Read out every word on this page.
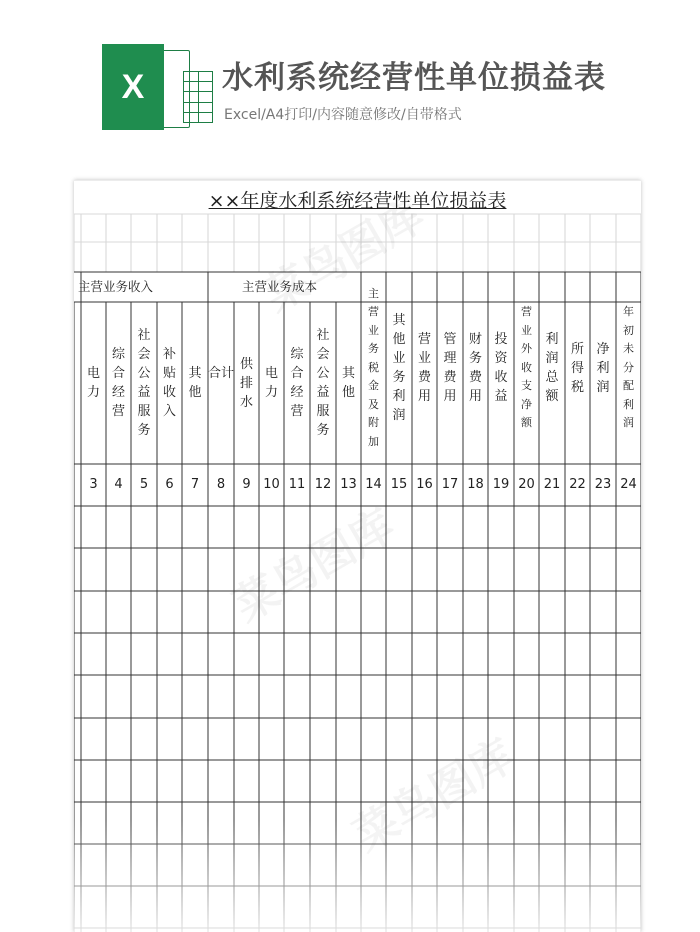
X	水利系统经营性单位损益表
Excel/A4打印/内容随意修改/自带格式
××年度水利系统经营性单位损益表
主营业务收入	主营业务成本
电力
3
综合经营
4
社会公益服务
5
补贴收入
6
其他
7
合计
8
供排水
9
电力
10
综合经营
11
社会公益服务
12
其他
13
主营业务税金及附加
14
其他业务利润
15
营业费用
16
管理费用
17
财务费用
18
投资收益
19
营业外收支净额
20
利润总额
21
所得税
22
净利润
23
年初未分配利润
24
